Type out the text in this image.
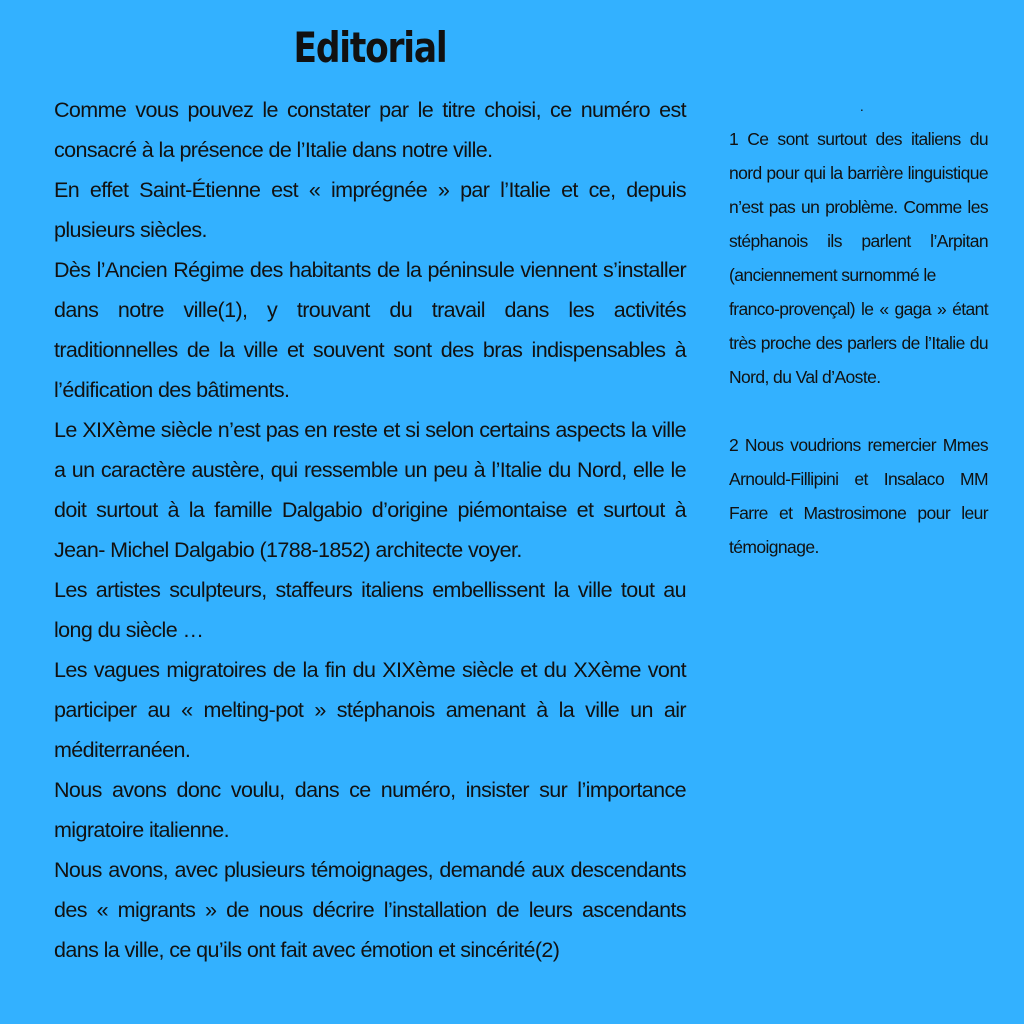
Editorial

Comme vous pouvez le constater par le titre choisi, ce numéro est consacré à la présence de l’Italie dans notre ville.

En effet Saint-Étienne est « imprégnée » par l’Italie et ce, depuis plusieurs siècles.

Dès l’Ancien Régime des habitants de la péninsule viennent s’installer dans notre ville(1), y trouvant du travail dans les activités traditionnelles de la ville et souvent sont des bras indispensables à l’édification des bâtiments.

Le XIXème siècle n’est pas en reste et si selon certains aspects la ville a un caractère austère, qui ressemble un peu à l’Italie du Nord, elle le doit surtout à la famille Dalgabio d’origine piémontaise et surtout à Jean- Michel Dalgabio (1788-1852) architecte voyer.

Les artistes sculpteurs, staffeurs italiens embellissent la ville tout au long du siècle …

Les vagues migratoires de la fin du XIXème siècle et du XXème vont participer au « melting-pot » stéphanois amenant à la ville un air méditerranéen.

Nous avons donc voulu, dans ce numéro, insister sur l’importance migratoire italienne.

Nous avons, avec plusieurs témoignages, demandé aux descendants des « migrants » de nous décrire l’installation de leurs ascendants dans la ville, ce qu’ils ont fait avec émotion et sincérité(2)

.

1 Ce sont surtout des italiens du nord pour qui la barrière linguistique n’est pas un problème. Comme les stéphanois ils parlent l’Arpitan (anciennement surnommé le

franco-provençal) le « gaga » étant très proche des parlers de l’Italie du Nord, du Val d’Aoste.

2 Nous voudrions remercier Mmes Arnould-Fillipini et Insalaco MM Farre et Mastrosimone pour leur témoignage.
